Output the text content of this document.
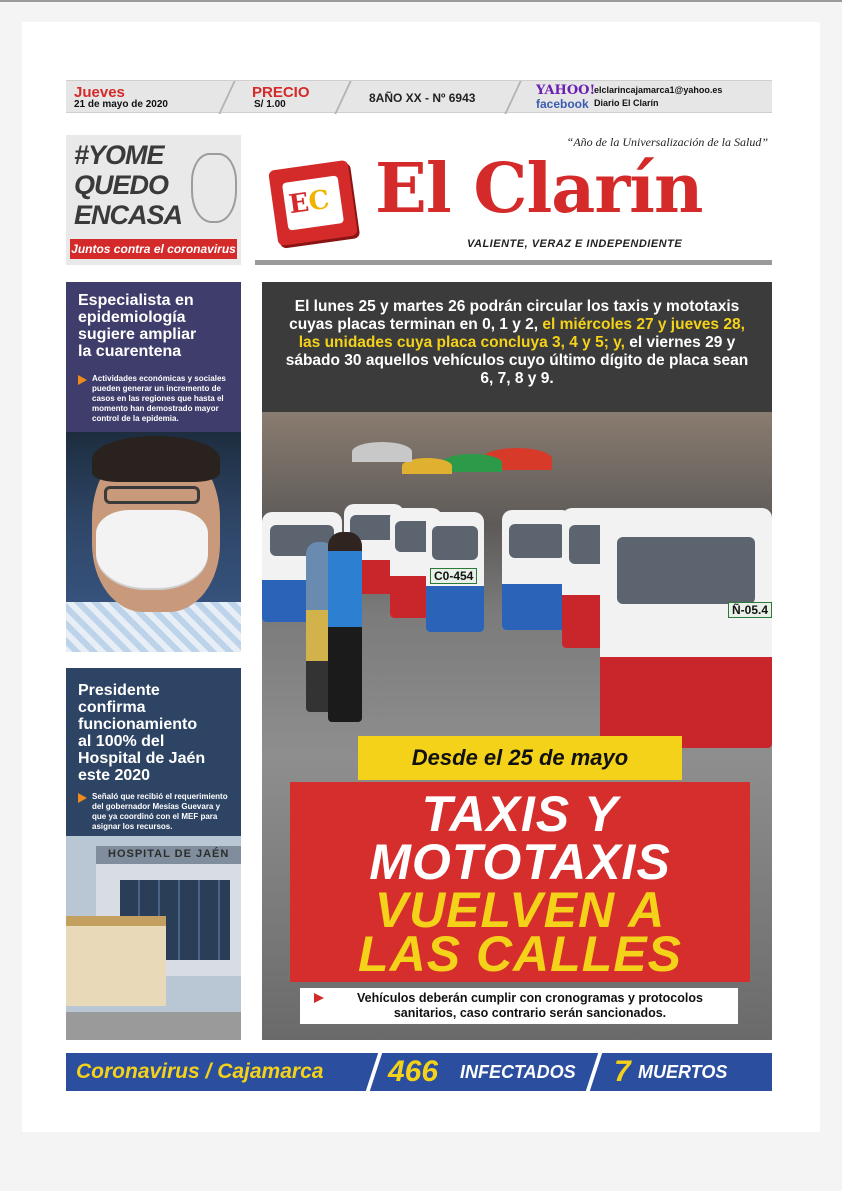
Jueves
21 de mayo de 2020
PRECIO
S/ 1.00	8AÑO XX - Nº 6943	YAHOO!
facebook
elclarincajamarca1@yahoo.es
Diario El Clarín
#YOME
QUEDO
ENCASA
Juntos contra el coronavirus
“Año de la Universalización de la Salud”
EC El Clarín
VALIENTE, VERAZ E INDEPENDIENTE
Especialista en
epidemiología
sugiere ampliar
la cuarentena
Actividades económicas y sociales pueden generar un incremento de casos en las regiones que hasta el momento han demostrado mayor control de la epidemia.
Presidente
confirma
funcionamiento
al 100% del
Hospital de Jaén
este 2020
Señaló que recibió el requerimiento del gobernador Mesías Guevara y que ya coordinó con el MEF para asignar los recursos.
HOSPITAL DE JAÉN

El lunes 25 y martes 26 podrán circular los taxis y mototaxis cuyas placas terminan en 0, 1 y 2, el miércoles 27 y jueves 28, las unidades cuya placa concluya 3, 4 y 5; y, el viernes 29 y sábado 30 aquellos vehículos cuyo último dígito de placa sean 6, 7, 8 y 9.

C0-454
Ñ-05.4
Desde el 25 de mayo
TAXIS Y
MOTOTAXIS
VUELVEN A
LAS CALLES

Vehículos deberán cumplir con cronogramas y protocolos sanitarios, caso contrario serán sancionados.

Coronavirus / Cajamarca 466 INFECTADOS 7 MUERTOS
